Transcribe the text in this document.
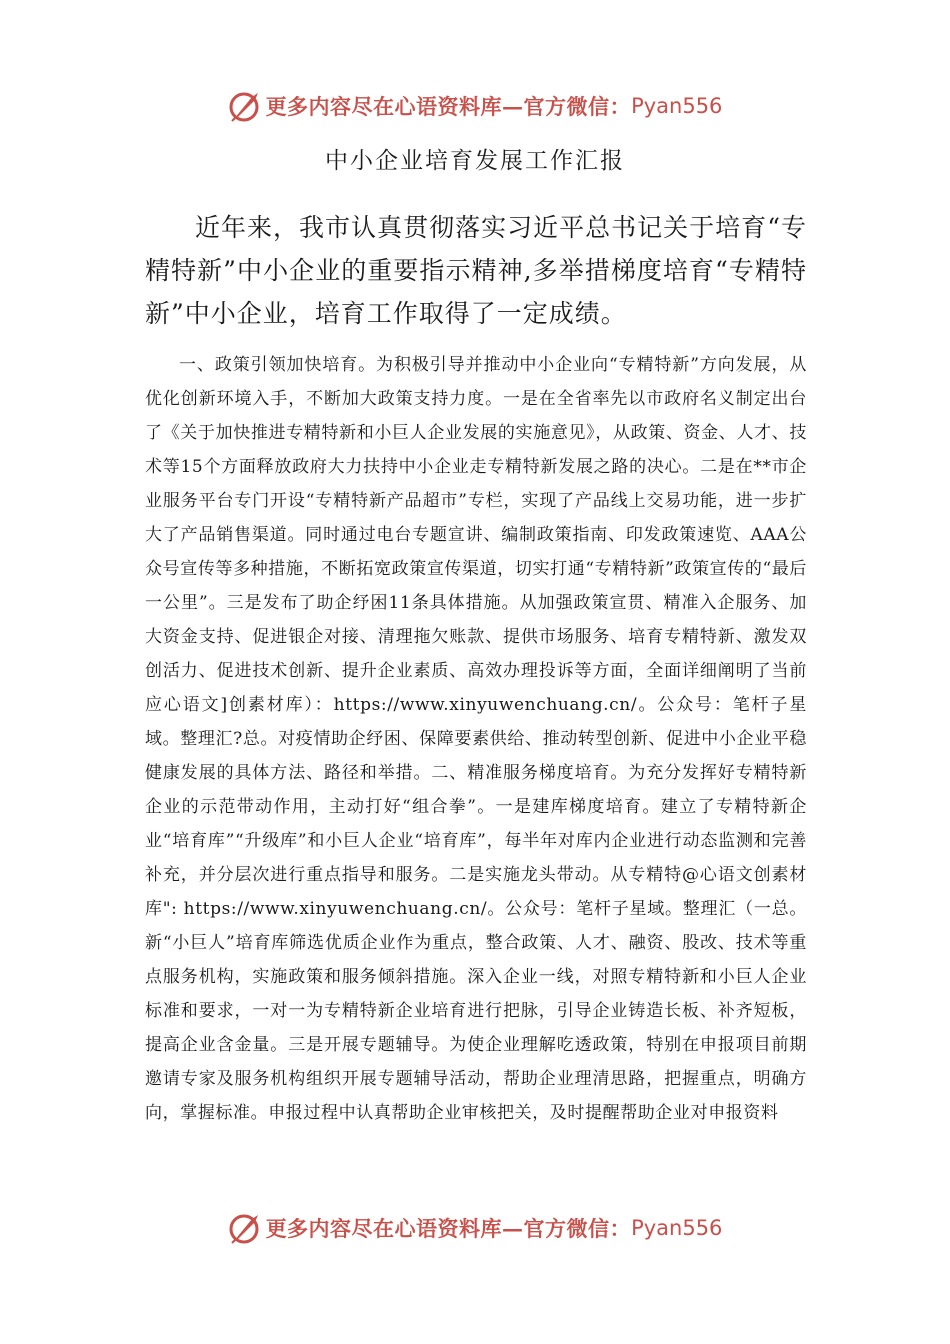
更多内容尽在心语资料库—官方微信： Pyan556
中小企业培育发展工作汇报

近年来，我市认真贯彻落实习近平总书记关于培育“专精特新”中小企业的重要指示精神,多举措梯度培育“专精特新”中小企业，培育工作取得了一定成绩。

一、政策引领加快培育。为积极引导并推动中小企业向“专精特新”方向发展，从优化创新环境入手，不断加大政策支持力度。一是在全省率先以市政府名义制定出台了《关于加快推进专精特新和小巨人企业发展的实施意见》，从政策、资金、人才、技术等15个方面释放政府大力扶持中小企业走专精特新发展之路的决心。二是在**市企业服务平台专门开设“专精特新产品超市”专栏，实现了产品线上交易功能，进一步扩大了产品销售渠道。同时通过电台专题宣讲、编制政策指南、印发政策速览、AAA公众号宣传等多种措施，不断拓宽政策宣传渠道，切实打通“专精特新”政策宣传的“最后一公里”。三是发布了助企纾困11条具体措施。从加强政策宣贯、精准入企服务、加大资金支持、促进银企对接、清理拖欠账款、提供市场服务、培育专精特新、激发双创活力、促进技术创新、提升企业素质、高效办理投诉等方面，全面详细阐明了当前应心语文]创素材库）：https://www.xinyuwenchuang.cn/。公众号：笔杆子星域。整理汇?总。对疫情助企纾困、保障要素供给、推动转型创新、促进中小企业平稳健康发展的具体方法、路径和举措。二、精准服务梯度培育。为充分发挥好专精特新企业的示范带动作用，主动打好“组合拳”。一是建库梯度培育。建立了专精特新企业“培育库”“升级库”和小巨人企业“培育库”，每半年对库内企业进行动态监测和完善补充，并分层次进行重点指导和服务。二是实施龙头带动。从专精特@心语文创素材库": https://www.xinyuwenchuang.cn/。公众号：笔杆子星域。整理汇（一总。新“小巨人”培育库筛选优质企业作为重点，整合政策、人才、融资、股改、技术等重点服务机构，实施政策和服务倾斜措施。深入企业一线，对照专精特新和小巨人企业标准和要求，一对一为专精特新企业培育进行把脉，引导企业铸造长板、补齐短板，提高企业含金量。三是开展专题辅导。为使企业理解吃透政策，特别在申报项目前期邀请专家及服务机构组织开展专题辅导活动，帮助企业理清思路，把握重点，明确方向，掌握标准。申报过程中认真帮助企业审核把关，及时提醒帮助企业对申报资料

更多内容尽在心语资料库—官方微信： Pyan556
